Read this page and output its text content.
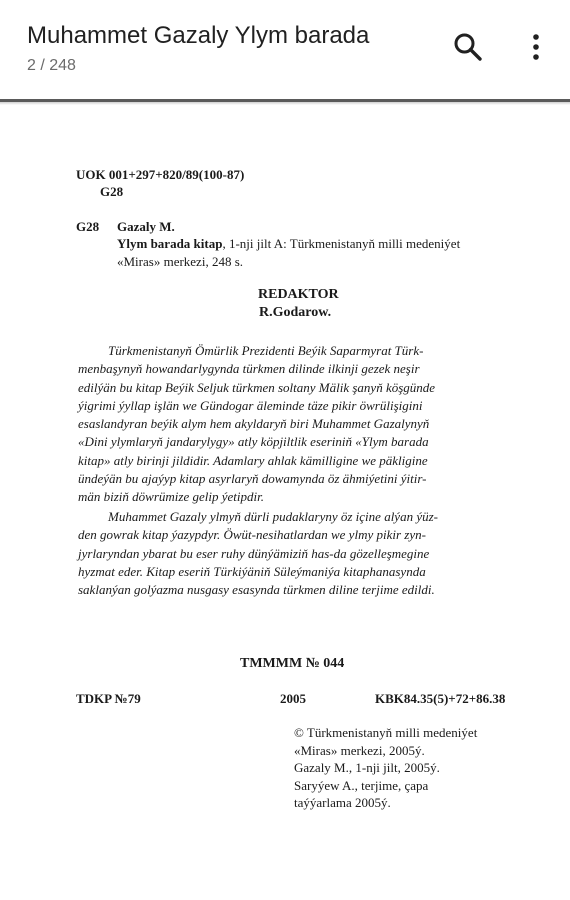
Muhammet Gazaly Ylym barada
2 / 248
UOK 001+297+820/89(100-87)
G28
G28 Gazaly M.
Ylym barada kitap, 1-nji jilt A: Türkmenistanyň milli medeniýet
«Miras» merkezi, 248 s.
REDAKTOR
R.Godarow.
Türkmenistanyň Ömürlik Prezidenti Beýik Saparmyrat Türk-
menbaşynyň howandarlygynda türkmen dilinde ilkinji gezek neşir
edilýän bu kitap Beýik Seljuk türkmen soltany Mälik şanyň köşgünde
ýigrimi ýyllap işlän we Gündogar äleminde täze pikir öwrülişigini
esaslandyran beýik alym hem akyldaryň biri Muhammet Gazalynyň
«Dini ylymlaryň jandarylygy» atly köpjiltlik eseriniň «Ylym barada
kitap» atly birinji jildidir. Adamlary ahlak kämilligine we päkligine
ündeýän bu ajaýyp kitap asyrlaryň dowamynda öz ähmiýetini ýitir-
män biziň döwrümize gelip ýetipdir.
Muhammet Gazaly ylmyň dürli pudaklaryny öz içine alýan ýüz-
den gowrak kitap ýazypdyr. Öwüt-nesihatlardan we ylmy pikir zyn-
jyrlaryndan ybarat bu eser ruhy dünýämiziň has-da gözelleşmegine
hyzmat eder. Kitap eseriň Türkiýäniň Süleýmaniýa kitaphanasynda
saklanýan golýazma nusgasy esasynda türkmen diline terjime edildi.
TMMMM № 044
TDKP №79	2005	KBK84.35(5)+72+86.38
© Türkmenistanyň milli medeniýet
«Miras» merkezi, 2005ý.
Gazaly M., 1-nji jilt, 2005ý.
Saryýew A., terjime, çapa
taýýarlama 2005ý.
